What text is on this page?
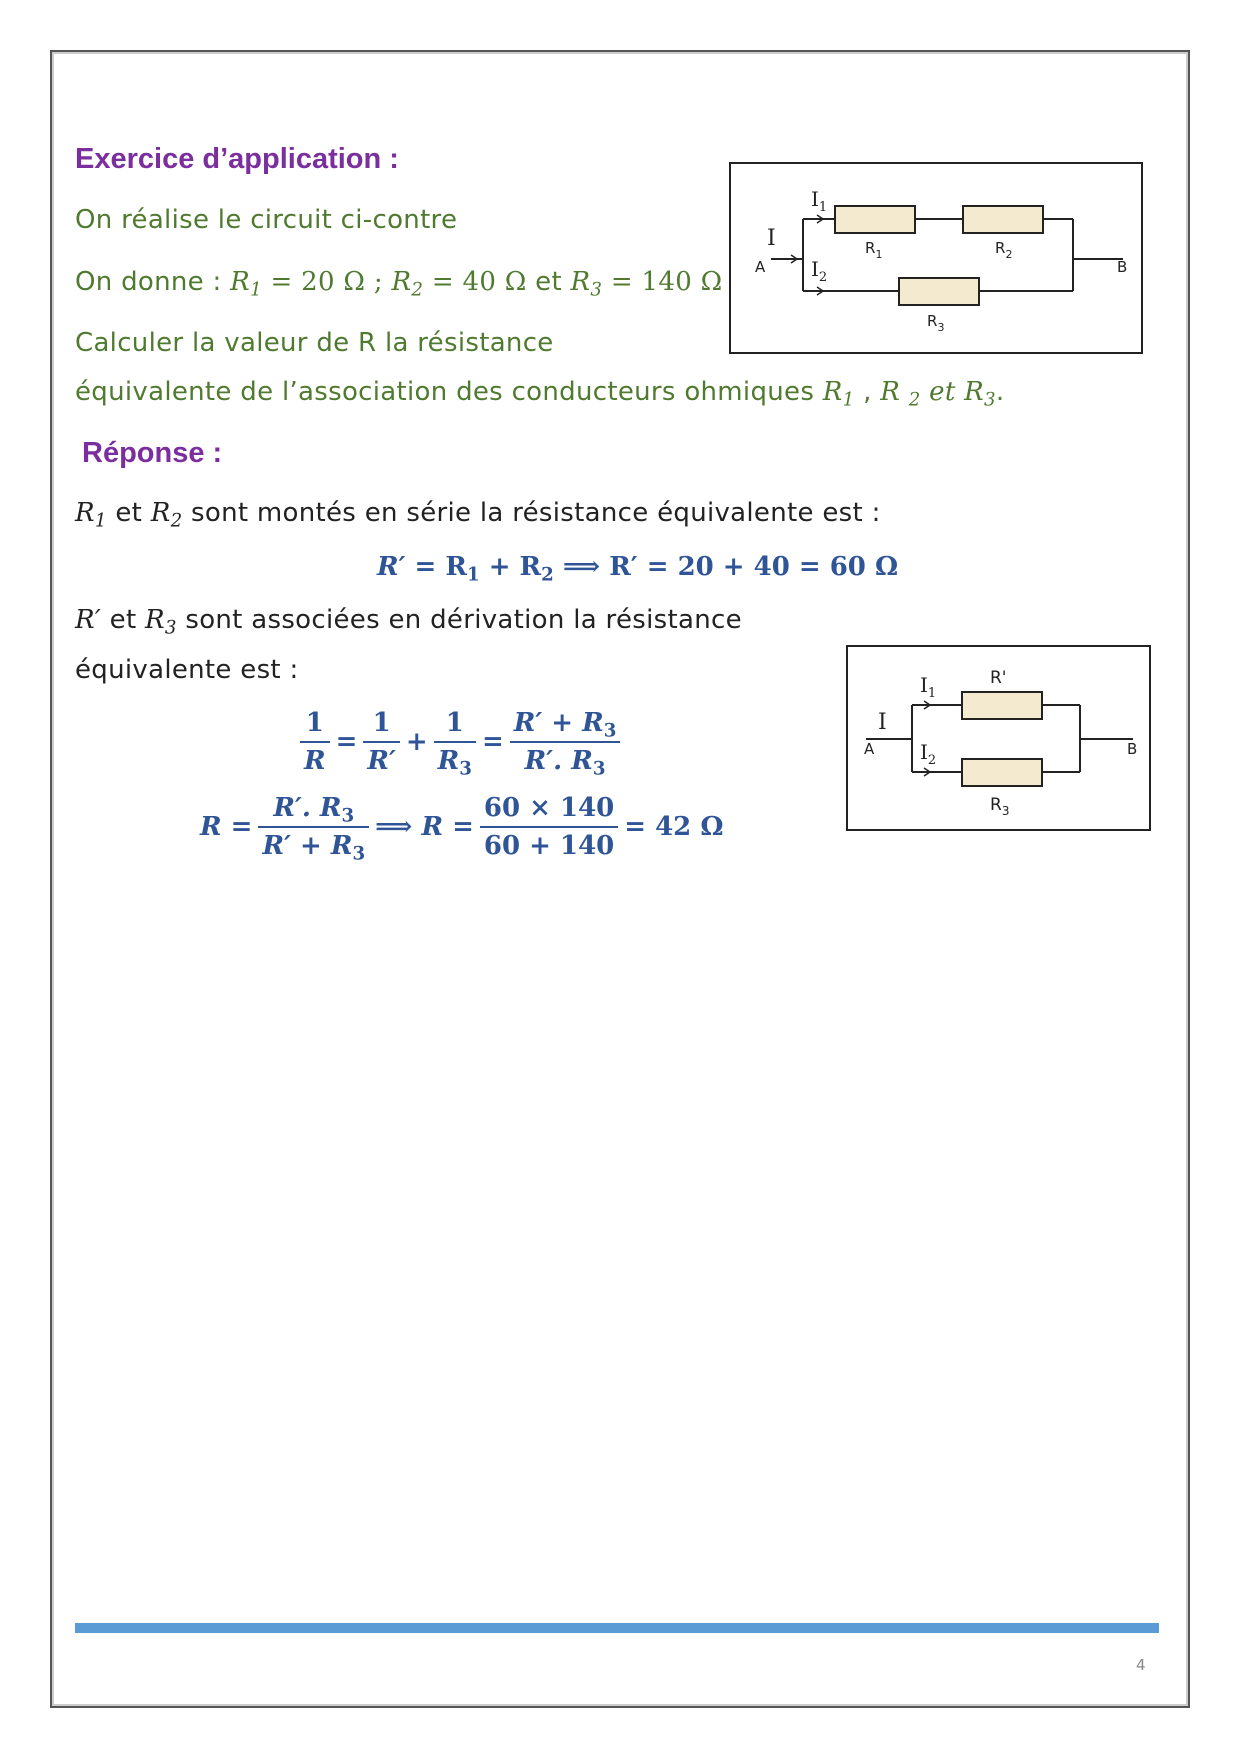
Exercice d’application :
On réalise le circuit ci-contre
On donne : $R_1 = 20$ Ω ; $R_2 = 40$ Ω et $R_3 = 140$ Ω
Calculer la valeur de R la résistance
équivalente de l’association des conducteurs ohmiques $R_1$ , R $_2$ et $R_3$.
I
A
$I_1$
$I_2$
$R_1$	$R_2$
$R_3$
B
Réponse :
$R_1$ et $R_2$ sont montés en série la résistance équivalente est :
$R' = R_1 + R_2$ ⟹ R′ = 20 + 40 = 60 Ω
R′ et $R_3$ sont associées en dérivation la résistance
équivalente est :
$\frac{1}{R} = \frac{1}{R'} + \frac{1}{R_3} = \frac{R' + R_3}{R'. R_3}$
$R = \frac{R'. R_3}{R' + R_3}$ ⟹ $R = \frac{60 \times 140}{60 + 140} = 42$ Ω
I
A
$I_1$
$I_2$
R'
$R_3$
B
4
